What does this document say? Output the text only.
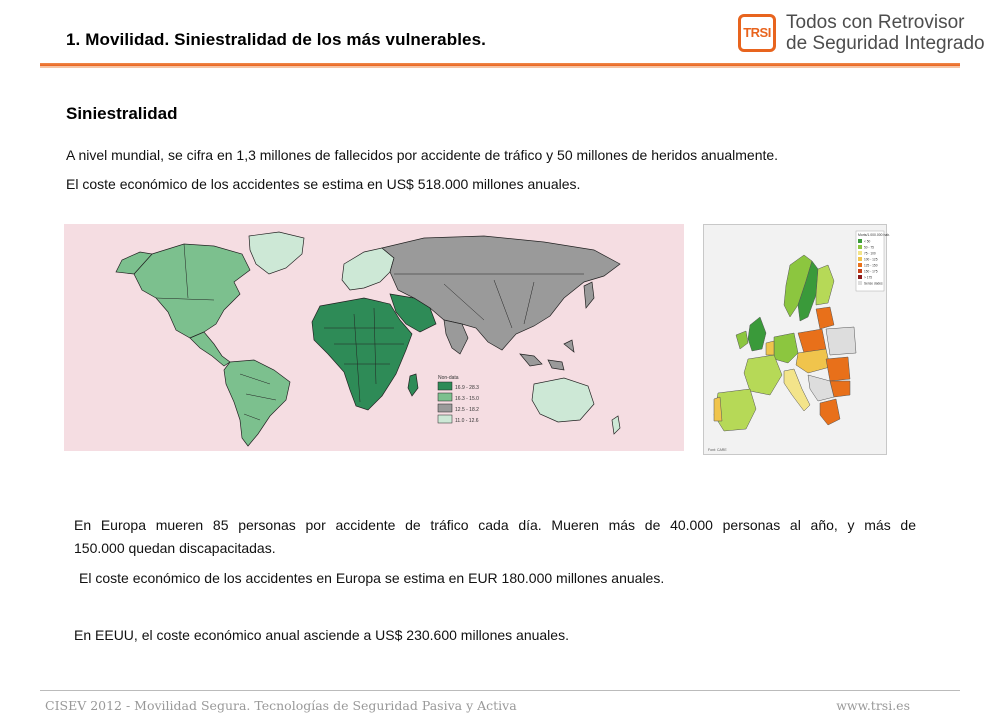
1. Movilidad. Siniestralidad de los más vulnerables.	TRSI Todos con Retrovisor
de Seguridad Integrado
Siniestralidad
A nivel mundial, se cifra en 1,3 millones de fallecidos por accidente de tráfico y 50 millones de heridos anualmente.
El coste económico de los accidentes se estima en US$ 518.000 millones anuales.
Non-data
16.9 - 28.3
16.3 - 15.0
12.5 - 18.2
11.0 - 12.6
Morts/1.000.000 hab.
< 50
50 - 75
75 - 100
100 - 125
125 - 150
150 - 175
> 175
Sense dades
Font: CARE
En Europa mueren 85 personas por accidente de tráfico cada día. Mueren más de 40.000 personas al año, y más de
150.000 quedan discapacitadas.
El coste económico de los accidentes en Europa se estima en EUR 180.000 millones anuales.
En EEUU, el coste económico anual asciende a US$ 230.600 millones anuales.
CISEV 2012 - Movilidad Segura. Tecnologías de Seguridad Pasiva y Activa	www.trsi.es
